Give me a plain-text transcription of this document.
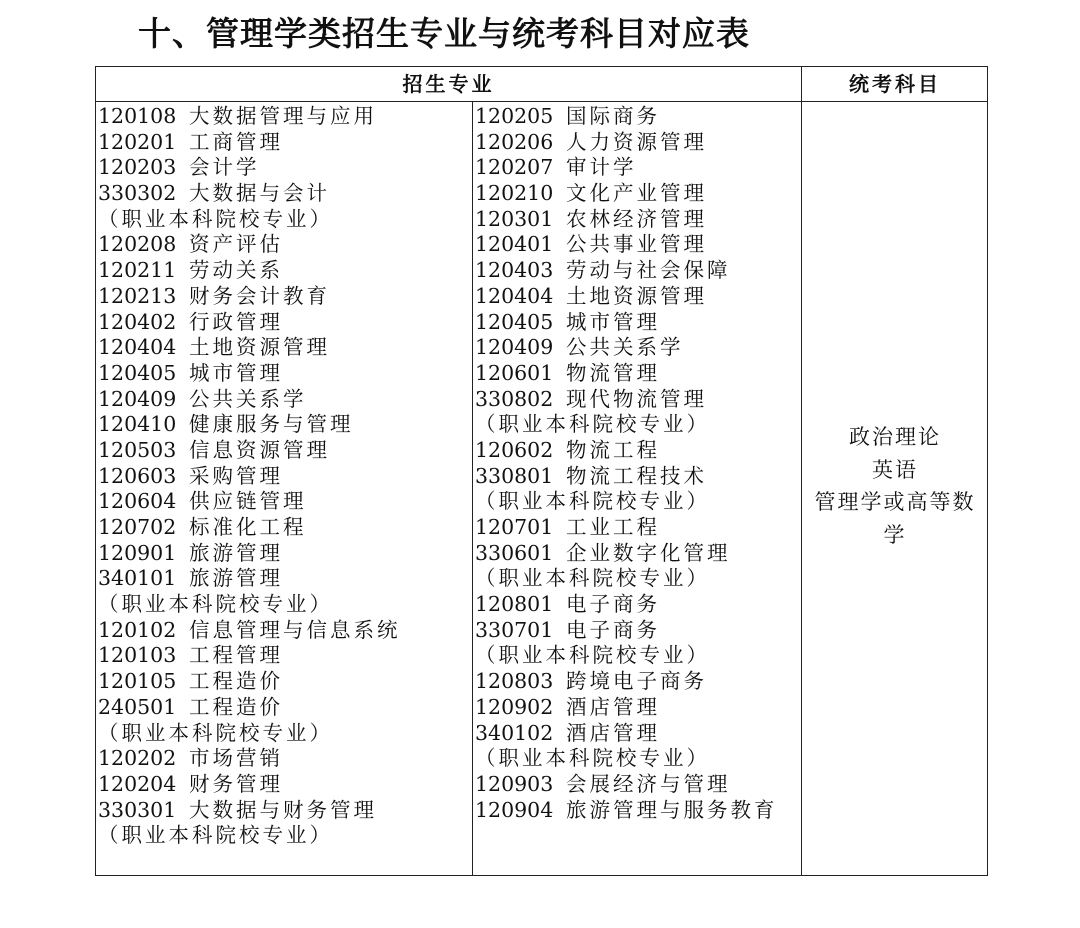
十、管理学类招生专业与统考科目对应表
招生专业	统考科目
120108 大数据管理与应用
120201 工商管理
120203 会计学
330302 大数据与会计
（职业本科院校专业）
120208 资产评估
120211 劳动关系
120213 财务会计教育
120402 行政管理
120404 土地资源管理
120405 城市管理
120409 公共关系学
120410 健康服务与管理
120503 信息资源管理
120603 采购管理
120604 供应链管理
120702 标准化工程
120901 旅游管理
340101 旅游管理
（职业本科院校专业）
120102 信息管理与信息系统
120103 工程管理
120105 工程造价
240501 工程造价
（职业本科院校专业）
120202 市场营销
120204 财务管理
330301 大数据与财务管理
（职业本科院校专业）
120205 国际商务
120206 人力资源管理
120207 审计学
120210 文化产业管理
120301 农林经济管理
120401 公共事业管理
120403 劳动与社会保障
120404 土地资源管理
120405 城市管理
120409 公共关系学
120601 物流管理
330802 现代物流管理
（职业本科院校专业）
120602 物流工程
330801 物流工程技术
（职业本科院校专业）
120701 工业工程
330601 企业数字化管理
（职业本科院校专业）
120801 电子商务
330701 电子商务
（职业本科院校专业）
120803 跨境电子商务
120902 酒店管理
340102 酒店管理
（职业本科院校专业）
120903 会展经济与管理
120904 旅游管理与服务教育
政治理论
英语
管理学或高等数学
